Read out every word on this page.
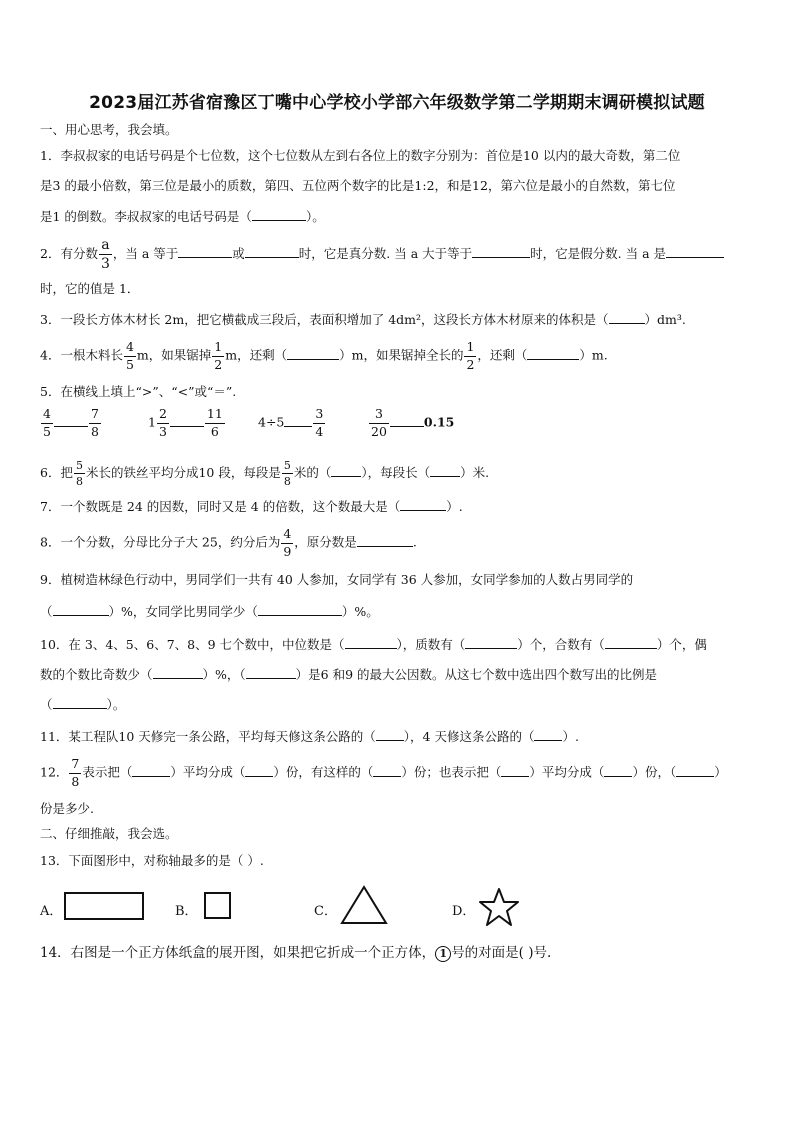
2023届江苏省宿豫区丁嘴中心学校小学部六年级数学第二学期期末调研模拟试题
一、用心思考，我会填。
1．李叔叔家的电话号码是个七位数，这个七位数从左到右各位上的数字分别为：首位是10 以内的最大奇数，第二位
是3 的最小倍数，第三位是最小的质数，第四、五位两个数字的比是1:2，和是12，第六位是最小的自然数，第七位
是1 的倒数。李叔叔家的电话号码是（	）。
2．有分数 $\frac{a}{3}$ ，当 a 等于	或	时，它是真分数. 当 a 大于等于	时，它是假分数. 当 a 是
时，它的值是 1．
3．一段长方体木材长 2m，把它横截成三段后，表面积增加了 4dm²，这段长方体木材原来的体积是（	）dm³.
4．一根木料长 $\frac{4}{5}$ m，如果锯掉 $\frac{1}{2}$ m，还剩（	）m，如果锯掉全长的 $\frac{1}{2}$ ，还剩（	）m.
5．在横线上填上“>”、“<”或“＝”.
$\frac{4}{5}$	$\frac{7}{8}$	$1 \frac{2}{3}$	$\frac{11}{6}$	$4\div 5 \frac{3}{4}$	$\frac{3}{20}$	0.15
6．把 $\frac{5}{8}$ 米长的铁丝平均分成10 段，每段是 $\frac{5}{8}$ 米的（ ），每段长（ ）米.
7．一个数既是 24 的因数，同时又是 4 的倍数，这个数最大是（	）.
8．一个分数，分母比分子大 25，约分后为 $\frac{4}{9}$ ，原分数是	.
9．植树造林绿色行动中，男同学们一共有 40 人参加，女同学有 36 人参加，女同学参加的人数占男同学的
（	）%，女同学比男同学少（	）%。
10．在 3、4、5、6、7、8、9 七个数中，中位数是（	），质数有（	）个，合数有（	）个，偶
数的个数比奇数少（	）%，（	）是6 和9 的最大公因数。从这七个数中选出四个数写出的比例是
（	）。
11．某工程队10 天修完一条公路，平均每天修这条公路的（ ），4 天修这条公路的（ ）.
12． $\frac{7}{8}$ 表示把（	）平均分成（ ）份，有这样的（ ）份；也表示把（ ）平均分成（ ）份，（	）
份是多少.
二、仔细推敲，我会选。
13．下面图形中，对称轴最多的是（ ）.
A．	B．	C．	D．
14．右图是一个正方体纸盒的展开图，如果把它折成一个正方体， 1 号的对面是( )号.
